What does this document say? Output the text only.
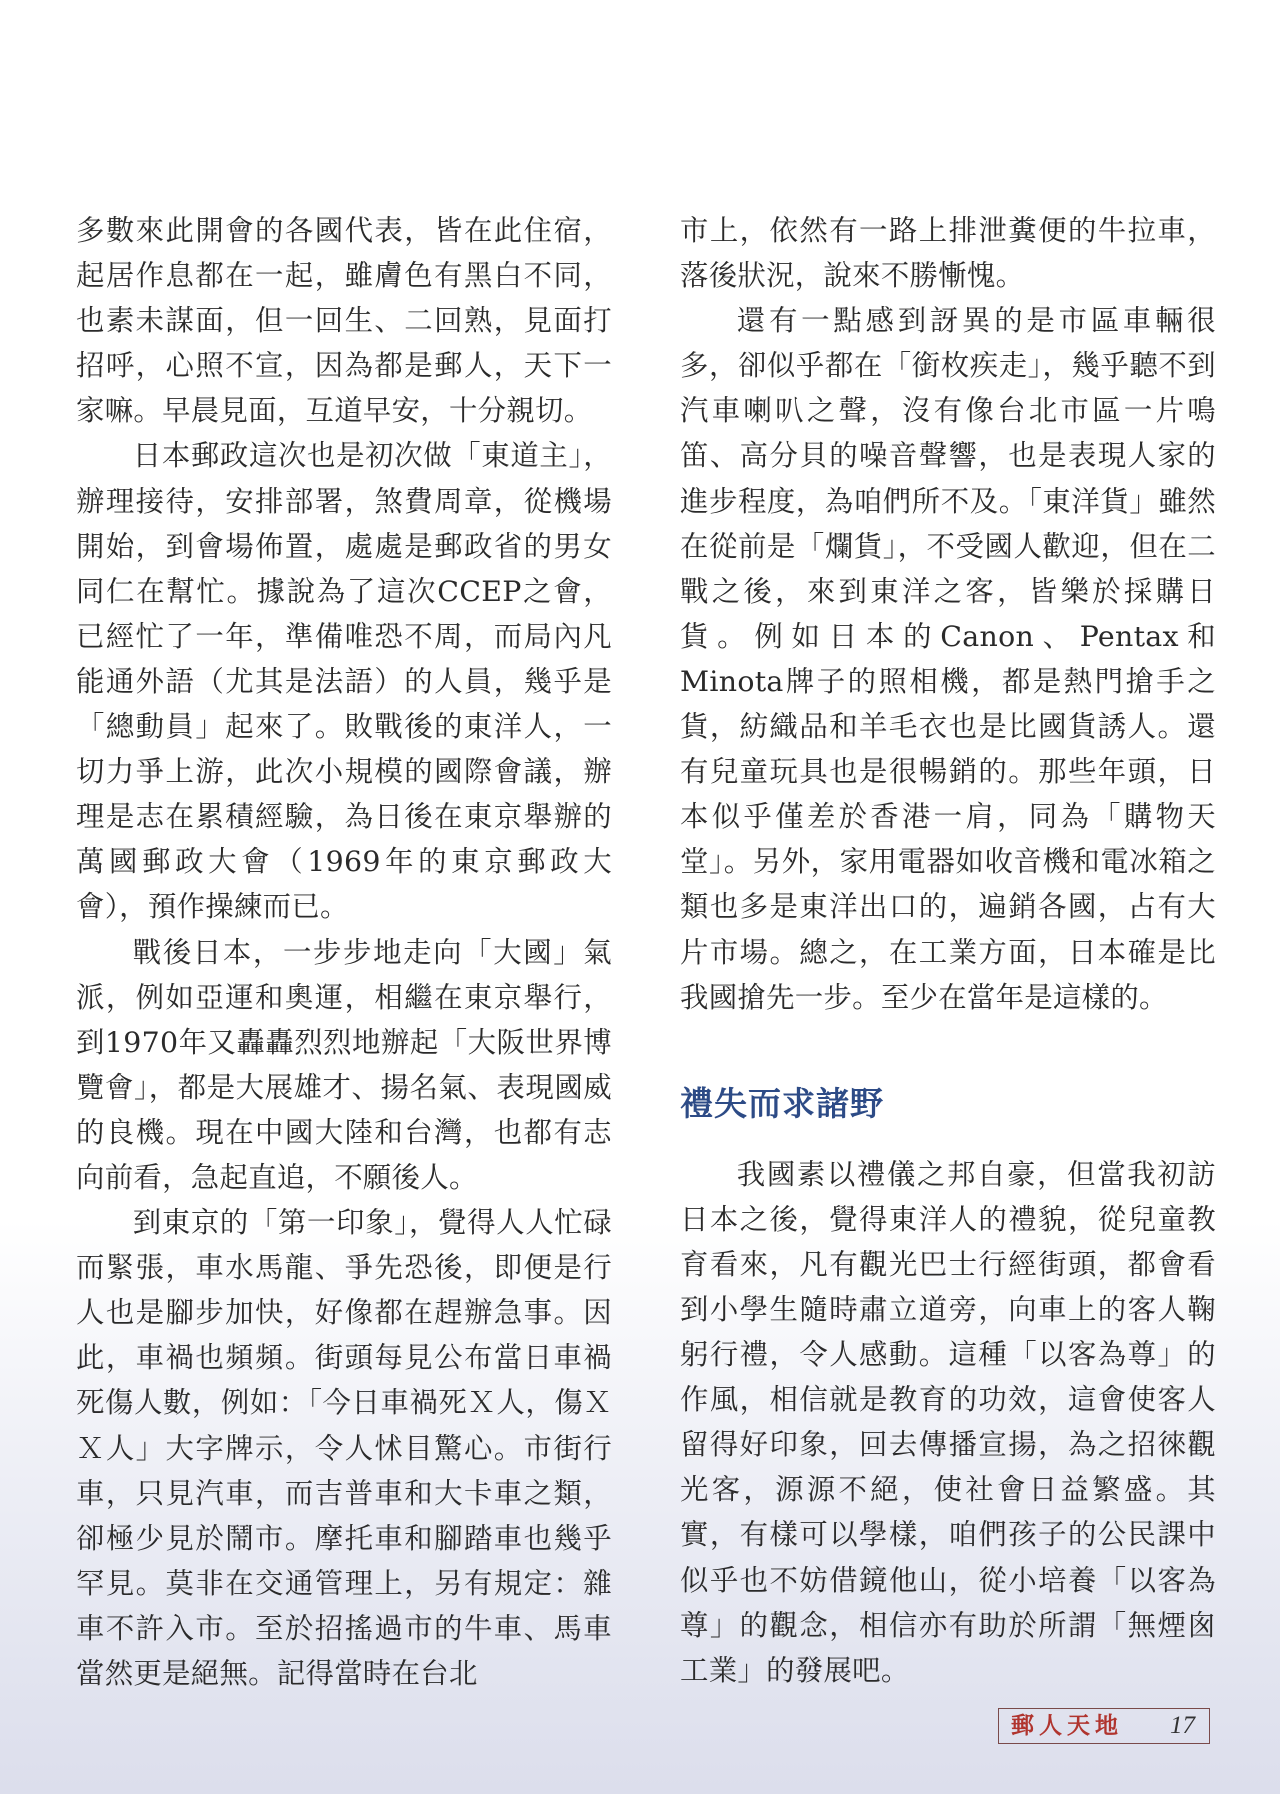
多數來此開會的各國代表，皆在此住宿，起居作息都在一起，雖膚色有黑白不同，也素未謀面，但一回生、二回熟，見面打招呼，心照不宣，因為都是郵人，天下一家嘛。早晨見面，互道早安，十分親切。

日本郵政這次也是初次做「東道主」，辦理接待，安排部署，煞費周章，從機場開始，到會場佈置，處處是郵政省的男女同仁在幫忙。據說為了這次CCEP之會，已經忙了一年，準備唯恐不周，而局內凡能通外語（尤其是法語）的人員，幾乎是「總動員」起來了。敗戰後的東洋人，一切力爭上游，此次小規模的國際會議，辦理是志在累積經驗，為日後在東京舉辦的萬國郵政大會（1969年的東京郵政大會），預作操練而已。

戰後日本，一步步地走向「大國」氣派，例如亞運和奧運，相繼在東京舉行，到1970年又轟轟烈烈地辦起「大阪世界博覽會」，都是大展雄才、揚名氣、表現國威的良機。現在中國大陸和台灣，也都有志向前看，急起直追，不願後人。

到東京的「第一印象」，覺得人人忙碌而緊張，車水馬龍、爭先恐後，即便是行人也是腳步加快，好像都在趕辦急事。因此，車禍也頻頻。街頭每見公布當日車禍死傷人數，例如：「今日車禍死Ｘ人，傷ＸＸ人」大字牌示，令人怵目驚心。市街行車，只見汽車，而吉普車和大卡車之類，卻極少見於鬧市。摩托車和腳踏車也幾乎罕見。莫非在交通管理上，另有規定：雜車不許入市。至於招搖過市的牛車、馬車當然更是絕無。記得當時在台北

市上，依然有一路上排泄糞便的牛拉車，落後狀況，說來不勝慚愧。

還有一點感到訝異的是市區車輛很多，卻似乎都在「銜枚疾走」，幾乎聽不到汽車喇叭之聲，沒有像台北市區一片鳴笛、高分貝的噪音聲響，也是表現人家的進步程度，為咱們所不及。「東洋貨」雖然在從前是「爛貨」，不受國人歡迎，但在二戰之後，來到東洋之客，皆樂於採購日貨。例如日本的Canon、Pentax和Minota牌子的照相機，都是熱門搶手之貨，紡織品和羊毛衣也是比國貨誘人。還有兒童玩具也是很暢銷的。那些年頭，日本似乎僅差於香港一肩，同為「購物天堂」。另外，家用電器如收音機和電冰箱之類也多是東洋出口的，遍銷各國，占有大片市場。總之，在工業方面，日本確是比我國搶先一步。至少在當年是這樣的。

禮失而求諸野

我國素以禮儀之邦自豪，但當我初訪日本之後，覺得東洋人的禮貌，從兒童教育看來，凡有觀光巴士行經街頭，都會看到小學生隨時肅立道旁，向車上的客人鞠躬行禮，令人感動。這種「以客為尊」的作風，相信就是教育的功效，這會使客人留得好印象，回去傳播宣揚，為之招徠觀光客，源源不絕，使社會日益繁盛。其實，有樣可以學樣，咱們孩子的公民課中似乎也不妨借鏡他山，從小培養「以客為尊」的觀念，相信亦有助於所謂「無煙囪工業」的發展吧。

郵人天地 17
